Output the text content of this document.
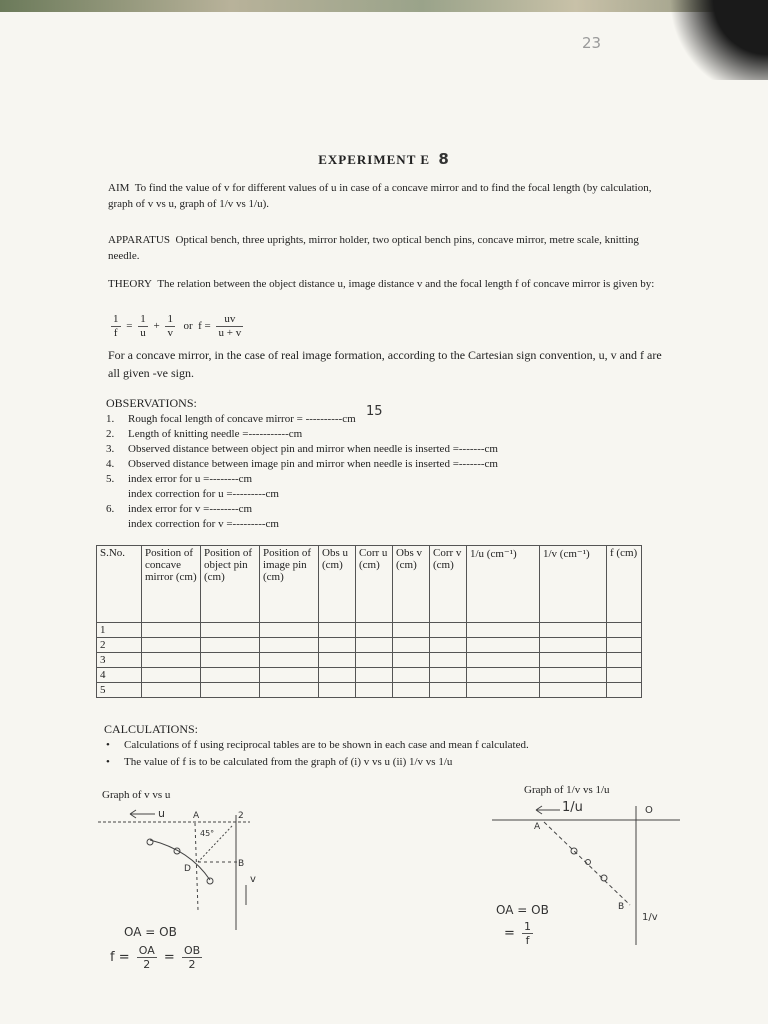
23
EXPERIMENT E 8
AIM To find the value of v for different values of u in case of a concave mirror and to find the focal length (by calculation, graph of v vs u, graph of 1/v vs 1/u).
APPARATUS Optical bench, three uprights, mirror holder, two optical bench pins, concave mirror, metre scale, knitting needle.
THEORY The relation between the object distance u, image distance v and the focal length f of concave mirror is given by:
$\frac{1}{f} = \frac{1}{u} + \frac{1}{v}$ or $f = \frac{uv}{u + v}$
For a concave mirror, in the case of real image formation, according to the Cartesian sign convention, u, v and f are all given -ve sign.
OBSERVATIONS:
1. Rough focal length of concave mirror = ----------cm 15
2. Length of knitting needle =-----------cm
3. Observed distance between object pin and mirror when needle is inserted =-------cm
4. Observed distance between image pin and mirror when needle is inserted =-------cm
5. index error for u =--------cm
index correction for u =---------cm
6. index error for v =--------cm
index correction for v =---------cm
S.No.	Position of concave mirror (cm)	Position of object pin (cm)	Position of image pin (cm)	Obs u (cm)	Corr u (cm)	Obs v (cm)	Corr v (cm)	1/u (cm⁻¹)	1/v (cm⁻¹)	f (cm)
1										
2										
3										
4										
5										
CALCULATIONS:
• Calculations of f using reciprocal tables are to be shown in each case and mean f calculated.
• The value of f is to be calculated from the graph of (i) v vs u (ii) 1/v vs 1/u
Graph of v vs u	Graph of 1/v vs 1/u
u	A	2
45°
B
D
v
OA = OB
$f = \frac{OA}{2} = \frac{OB}{2}$
1/u	O
A
B
1/v
OA = OB
= $\frac{1}{f}$
